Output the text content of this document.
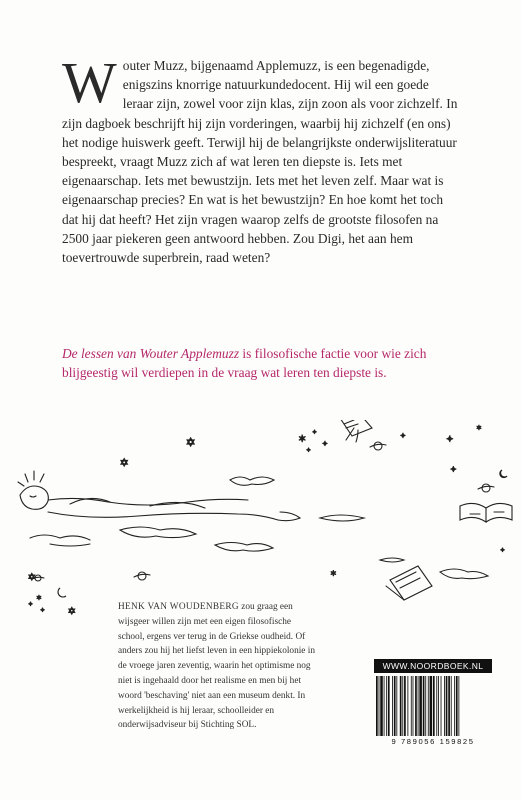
Wouter Muzz, bijgenaamd Applemuzz, is een begenadigde, enigszins knorrige natuurkundedocent. Hij wil een goede leraar zijn, zowel voor zijn klas, zijn zoon als voor zichzelf. In zijn dagboek beschrijft hij zijn vorderingen, waarbij hij zichzelf (en ons) het nodige huiswerk geeft. Terwijl hij de belangrijkste onderwijsliteratuur bespreekt, vraagt Muzz zich af wat leren ten diepste is. Iets met eigenaarschap. Iets met bewustzijn. Iets met het leven zelf. Maar wat is eigenaarschap precies? En wat is het bewustzijn? En hoe komt het toch dat hij dat heeft? Het zijn vragen waarop zelfs de grootste filosofen na 2500 jaar piekeren geen antwoord hebben. Zou Digi, het aan hem toevertrouwde superbrein, raad weten?
De lessen van Wouter Applemuzz is filosofische factie voor wie zich blijgeestig wil verdiepen in de vraag wat leren ten diepste is.
✡	✶
✦
✦
✦
✦
✶
✦
✡
✦
✡
✦
✶
✦	✡
✶
✦
HENK VAN WOUDENBERG zou graag een wijsgeer willen zijn met een eigen filosofische school, ergens ver terug in de Griekse oudheid. Of anders zou hij het liefst leven in een hippiekolonie in de vroege jaren zeventig, waarin het optimisme nog niet is ingehaald door het realisme en men bij het woord 'beschaving' niet aan een museum denkt. In werkelijkheid is hij leraar, schoolleider en onderwijsadviseur bij Stichting SOL.
WWW.NOORDBOEK.NL
9 789056 159825
